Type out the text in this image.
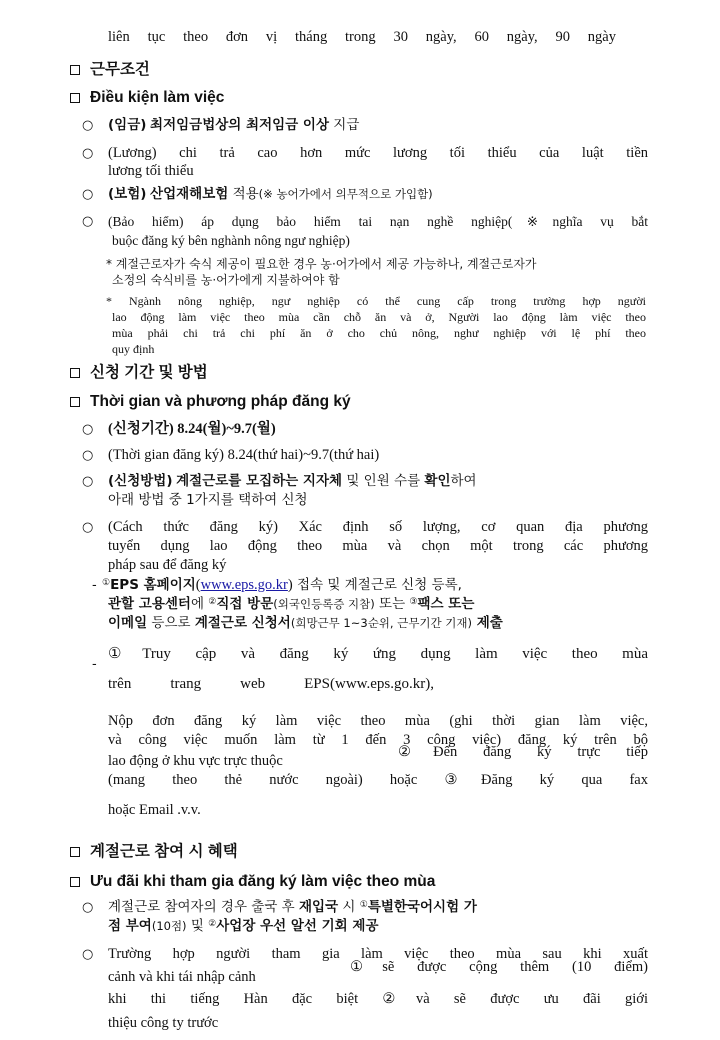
liên tục theo đơn vị tháng trong 30 ngày, 60 ngày, 90 ngày
근무조건
Điều kiện làm việc
○ (임금) 최저임금법상의 최저임금 이상 지급
○ (Lương) chi trả cao hơn mức lương tối thiểu của luật tiền
lương tối thiểu
○ (보험) 산업재해보험 적용(※ 농어가에서 의무적으로 가입함)
○ (Bảo hiểm) áp dụng bảo hiểm tai nạn nghề nghiệp(※nghĩa vụ bắt
buộc đăng ký bên nghành nông ngư nghiệp)
* 계절근로자가 숙식 제공이 필요한 경우 농·어가에서 제공 가능하나, 계절근로자가
소정의 숙식비를 농·어가에게 지불하여야 함
* Ngành nông nghiệp, ngư nghiệp có thể cung cấp trong trường hợp người
lao động làm việc theo mùa cần chỗ ăn và ở, Người lao động làm việc theo
mùa phải chi trả chi phí ăn ở cho chủ nông, nghư nghiệp với lệ phí theo
quy định
신청 기간 및 방법
Thời gian và phương pháp đăng ký
○ (신청기간) 8.24(월)~9.7(월)
○ (Thời gian đăng ký) 8.24(thứ hai)~9.7(thứ hai)
○ (신청방법) 계절근로를 모집하는 지자체 및 인원 수를 확인하여
아래 방법 중 1가지를 택하여 신청
○ (Cách thức đăng ký) Xác định số lượng, cơ quan địa phương
tuyển dụng lao động theo mùa và chọn một trong các phương
pháp sau để đăng ký
- ①EPS 홈페이지(www.eps.go.kr) 접속 및 계절근로 신청 등록,
관할 고용센터에 ②직접 방문(외국인등록증 지참) 또는 ③팩스 또는
이메일 등으로 계절근로 신청서(희망근무 1~3순위, 근무기간 기재) 제출
-
①Truy cập và đăng ký ứng dụng làm việc theo mùa
trên trang web EPS(www.eps.go.kr),
Nộp đơn đăng ký làm việc theo mùa (ghi thời gian làm việc,
và công việc muốn làm từ 1 đến 3 công việc) đăng ký trên bộ
lao động ở khu vực trực thuộc
②Đến đăng ký trực tiếp
(mang theo thẻ nước ngoài) hoặc ③Đăng ký qua fax
hoặc Email .v.v.
계절근로 참여 시 혜택
Ưu đãi khi tham gia đăng ký làm việc theo mùa
○ 계절근로 참여자의 경우 출국 후 재입국 시 ①특별한국어시험 가
점 부여(10점) 및 ②사업장 우선 알선 기회 제공
○ Trường hợp người tham gia làm việc theo mùa sau khi xuất
cảnh và khi tái nhập cảnh
①sẽ được cộng thêm (10 điểm)
khi thi tiếng Hàn đặc biệt ②và sẽ được ưu đãi giới
thiệu công ty trước
